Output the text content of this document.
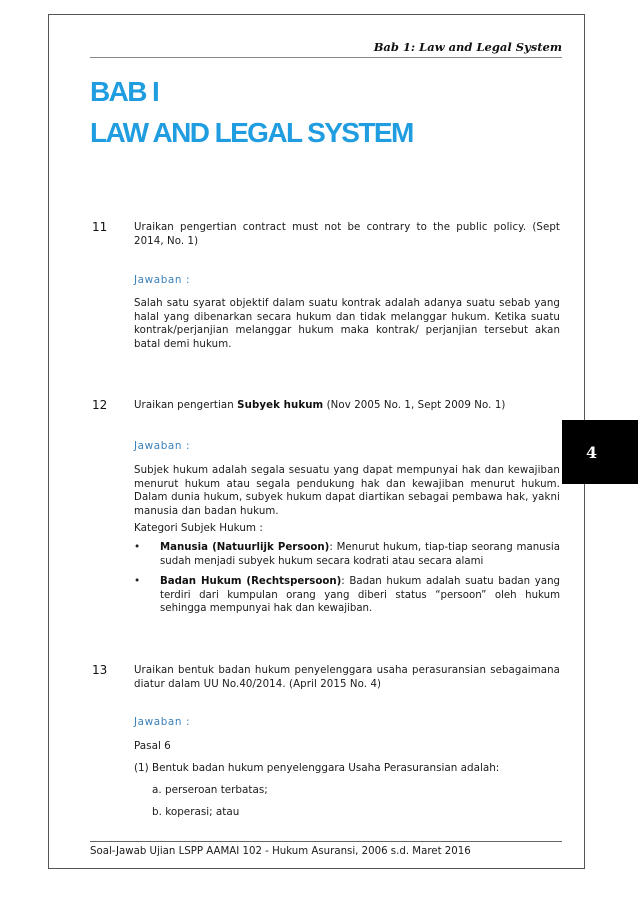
Bab 1: Law and Legal System
BAB I
LAW AND LEGAL SYSTEM
4
11	Uraikan pengertian contract must not be contrary to the public policy. (Sept 2014, No. 1)
Jawaban :
Salah satu syarat objektif dalam suatu kontrak adalah adanya suatu sebab yang halal yang dibenarkan secara hukum dan tidak melanggar hukum. Ketika suatu kontrak/perjanjian melanggar hukum maka kontrak/ perjanjian tersebut akan batal demi hukum.
12	Uraikan pengertian Subyek hukum (Nov 2005 No. 1, Sept 2009 No. 1)
Jawaban :
Subjek hukum adalah segala sesuatu yang dapat mempunyai hak dan kewajiban menurut hukum atau segala pendukung hak dan kewajiban menurut hukum. Dalam dunia hukum, subyek hukum dapat diartikan sebagai pembawa hak, yakni manusia dan badan hukum.
Kategori Subjek Hukum :
• Manusia (Natuurlijk Persoon): Menurut hukum, tiap-tiap seorang manusia sudah menjadi subyek hukum secara kodrati atau secara alami
• Badan Hukum (Rechtspersoon): Badan hukum adalah suatu badan yang terdiri dari kumpulan orang yang diberi status “persoon” oleh hukum sehingga mempunyai hak dan kewajiban.
13	Uraikan bentuk badan hukum penyelenggara usaha perasuransian sebagaimana diatur dalam UU No.40/2014. (April 2015 No. 4)
Jawaban :
Pasal 6
(1) Bentuk badan hukum penyelenggara Usaha Perasuransian adalah:
a. perseroan terbatas;
b. koperasi; atau
Soal-Jawab Ujian LSPP AAMAI 102 - Hukum Asuransi, 2006 s.d. Maret 2016
